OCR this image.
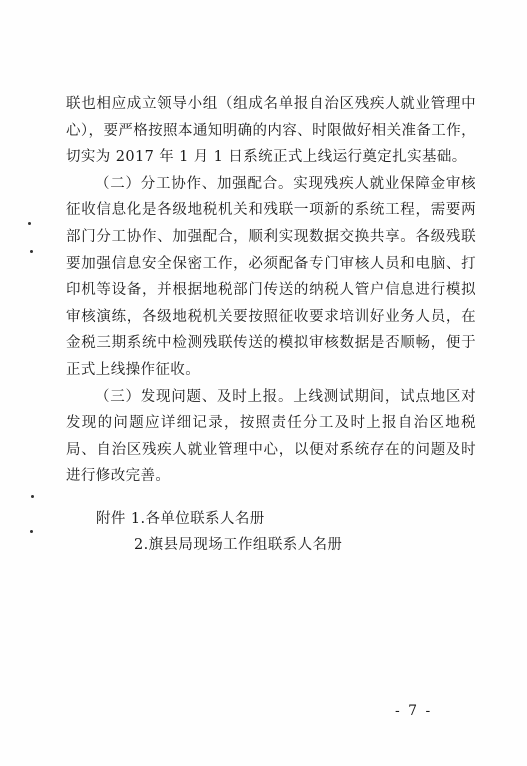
联也相应成立领导小组（组成名单报自治区残疾人就业管理中心），要严格按照本通知明确的内容、时限做好相关准备工作，切实为 2017 年 1 月 1 日系统正式上线运行奠定扎实基础。

（二）分工协作、加强配合。实现残疾人就业保障金审核征收信息化是各级地税机关和残联一项新的系统工程，需要两部门分工协作、加强配合，顺利实现数据交换共享。各级残联要加强信息安全保密工作，必须配备专门审核人员和电脑、打印机等设备，并根据地税部门传送的纳税人管户信息进行模拟审核演练，各级地税机关要按照征收要求培训好业务人员，在金税三期系统中检测残联传送的模拟审核数据是否顺畅，便于正式上线操作征收。

（三）发现问题、及时上报。上线测试期间，试点地区对发现的问题应详细记录，按照责任分工及时上报自治区地税局、自治区残疾人就业管理中心，以便对系统存在的问题及时进行修改完善。

附件 1.各单位联系人名册
2.旗县局现场工作组联系人名册
- 7 -
